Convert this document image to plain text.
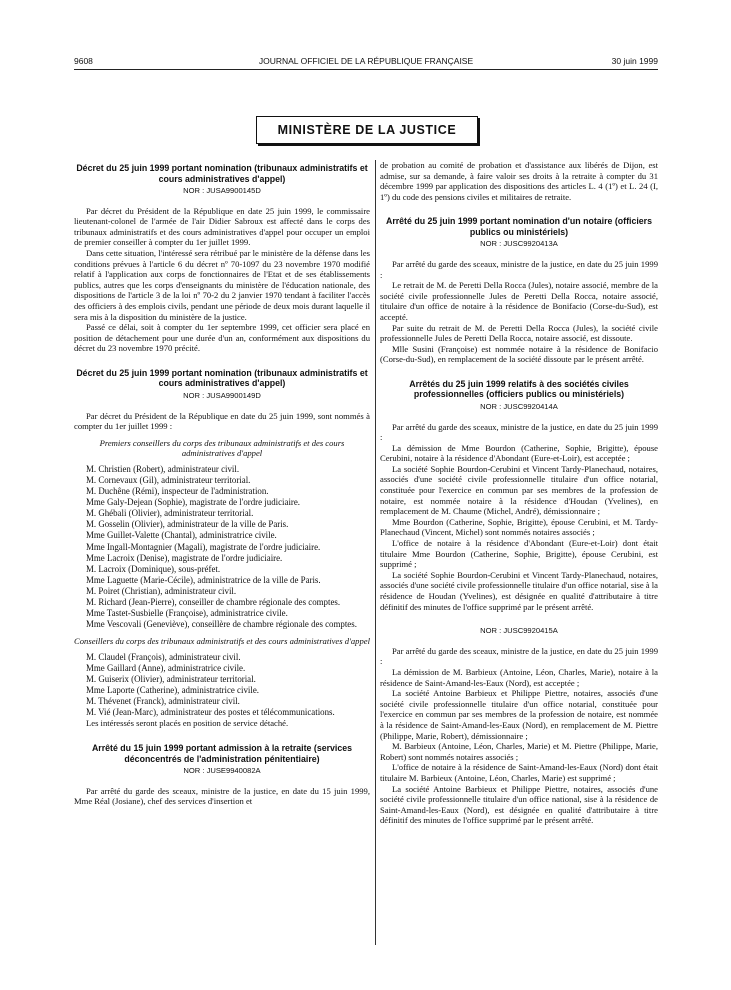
9608	JOURNAL OFFICIEL DE LA RÉPUBLIQUE FRANÇAISE	30 juin 1999
MINISTÈRE DE LA JUSTICE
Décret du 25 juin 1999 portant nomination (tribunaux administratifs et cours administratives d'appel)
NOR : JUSA9900145D

Par décret du Président de la République en date 25 juin 1999, le commissaire lieutenant-colonel de l'armée de l'air Didier Sabroux est affecté dans le corps des tribunaux administratifs et des cours administratives d'appel pour occuper un emploi de premier conseiller à compter du 1er juillet 1999.

Dans cette situation, l'intéressé sera rétribué par le ministère de la défense dans les conditions prévues à l'article 6 du décret nº 70-1097 du 23 novembre 1970 modifié relatif à l'application aux corps de fonctionnaires de l'Etat et de ses établissements publics, autres que les corps d'enseignants du ministère de l'éducation nationale, des dispositions de l'article 3 de la loi nº 70-2 du 2 janvier 1970 tendant à faciliter l'accès des officiers à des emplois civils, pendant une période de deux mois durant laquelle il sera mis à la disposition du ministère de la justice.

Passé ce délai, soit à compter du 1er septembre 1999, cet officier sera placé en position de détachement pour une durée d'un an, conformément aux dispositions du décret du 23 novembre 1970 précité.

Décret du 25 juin 1999 portant nomination (tribunaux administratifs et cours administratives d'appel)
NOR : JUSA9900149D

Par décret du Président de la République en date du 25 juin 1999, sont nommés à compter du 1er juillet 1999 :

Premiers conseillers du corps des tribunaux administratifs et des cours administratives d'appel

M. Christien (Robert), administrateur civil.

M. Cornevaux (Gil), administrateur territorial.

M. Duchêne (Rémi), inspecteur de l'administration.

Mme Galy-Dejean (Sophie), magistrate de l'ordre judiciaire.

M. Ghébali (Olivier), administrateur territorial.

M. Gosselin (Olivier), administrateur de la ville de Paris.

Mme Guillet-Valette (Chantal), administratrice civile.

Mme Ingall-Montagnier (Magali), magistrate de l'ordre judiciaire.

Mme Lacroix (Denise), magistrate de l'ordre judiciaire.

M. Lacroix (Dominique), sous-préfet.

Mme Laguette (Marie-Cécile), administratrice de la ville de Paris.

M. Poiret (Christian), administrateur civil.

M. Richard (Jean-Pierre), conseiller de chambre régionale des comptes.

Mme Tastet-Susbielle (Françoise), administratrice civile.

Mme Vescovali (Geneviève), conseillère de chambre régionale des comptes.

Conseillers du corps des tribunaux administratifs et des cours administratives d'appel

M. Claudel (François), administrateur civil.

Mme Gaillard (Anne), administratrice civile.

M. Guiserix (Olivier), administrateur territorial.

Mme Laporte (Catherine), administratrice civile.

M. Thévenet (Franck), administrateur civil.

M. Vié (Jean-Marc), administrateur des postes et télécommunications.

Les intéressés seront placés en position de service détaché.

Arrêté du 15 juin 1999 portant admission à la retraite (services déconcentrés de l'administration pénitentiaire)
NOR : JUSE9940082A

Par arrêté du garde des sceaux, ministre de la justice, en date du 15 juin 1999, Mme Réal (Josiane), chef des services d'insertion et

de probation au comité de probation et d'assistance aux libérés de Dijon, est admise, sur sa demande, à faire valoir ses droits à la retraite à compter du 31 décembre 1999 par application des dispositions des articles L. 4 (1º) et L. 24 (I, 1º) du code des pensions civiles et militaires de retraite.

Arrêté du 25 juin 1999 portant nomination d'un notaire (officiers publics ou ministériels)
NOR : JUSC9920413A

Par arrêté du garde des sceaux, ministre de la justice, en date du 25 juin 1999 :

Le retrait de M. de Peretti Della Rocca (Jules), notaire associé, membre de la société civile professionnelle Jules de Peretti Della Rocca, notaire associé, titulaire d'un office de notaire à la résidence de Bonifacio (Corse-du-Sud), est accepté.

Par suite du retrait de M. de Peretti Della Rocca (Jules), la société civile professionnelle Jules de Peretti Della Rocca, notaire associé, est dissoute.

Mlle Susini (Françoise) est nommée notaire à la résidence de Bonifacio (Corse-du-Sud), en remplacement de la société dissoute par le présent arrêté.

Arrêtés du 25 juin 1999 relatifs à des sociétés civiles professionnelles (officiers publics ou ministériels)
NOR : JUSC9920414A

Par arrêté du garde des sceaux, ministre de la justice, en date du 25 juin 1999 :

La démission de Mme Bourdon (Catherine, Sophie, Brigitte), épouse Cerubini, notaire à la résidence d'Abondant (Eure-et-Loir), est acceptée ;

La société Sophie Bourdon-Cerubini et Vincent Tardy-Planechaud, notaires, associés d'une société civile professionnelle titulaire d'un office notarial, constituée pour l'exercice en commun par ses membres de la profession de notaire, est nommée notaire à la résidence d'Houdan (Yvelines), en remplacement de M. Chaume (Michel, André), démissionnaire ;

Mme Bourdon (Catherine, Sophie, Brigitte), épouse Cerubini, et M. Tardy-Planechaud (Vincent, Michel) sont nommés notaires associés ;

L'office de notaire à la résidence d'Abondant (Eure-et-Loir) dont était titulaire Mme Bourdon (Catherine, Sophie, Brigitte), épouse Cerubini, est supprimé ;

La société Sophie Bourdon-Cerubini et Vincent Tardy-Planechaud, notaires, associés d'une société civile professionnelle titulaire d'un office notarial, sise à la résidence de Houdan (Yvelines), est désignée en qualité d'attributaire à titre définitif des minutes de l'office supprimé par le présent arrêté.

NOR : JUSC9920415A

Par arrêté du garde des sceaux, ministre de la justice, en date du 25 juin 1999 :

La démission de M. Barbieux (Antoine, Léon, Charles, Marie), notaire à la résidence de Saint-Amand-les-Eaux (Nord), est acceptée ;

La société Antoine Barbieux et Philippe Piettre, notaires, associés d'une société civile professionnelle titulaire d'un office notarial, constituée pour l'exercice en commun par ses membres de la profession de notaire, est nommée à la résidence de Saint-Amand-les-Eaux (Nord), en remplacement de M. Piettre (Philippe, Marie, Robert), démissionnaire ;

M. Barbieux (Antoine, Léon, Charles, Marie) et M. Piettre (Philippe, Marie, Robert) sont nommés notaires associés ;

L'office de notaire à la résidence de Saint-Amand-les-Eaux (Nord) dont était titulaire M. Barbieux (Antoine, Léon, Charles, Marie) est supprimé ;

La société Antoine Barbieux et Philippe Piettre, notaires, associés d'une société civile professionnelle titulaire d'un office national, sise à la résidence de Saint-Amand-les-Eaux (Nord), est désignée en qualité d'attributaire à titre définitif des minutes de l'office supprimé par le présent arrêté.
